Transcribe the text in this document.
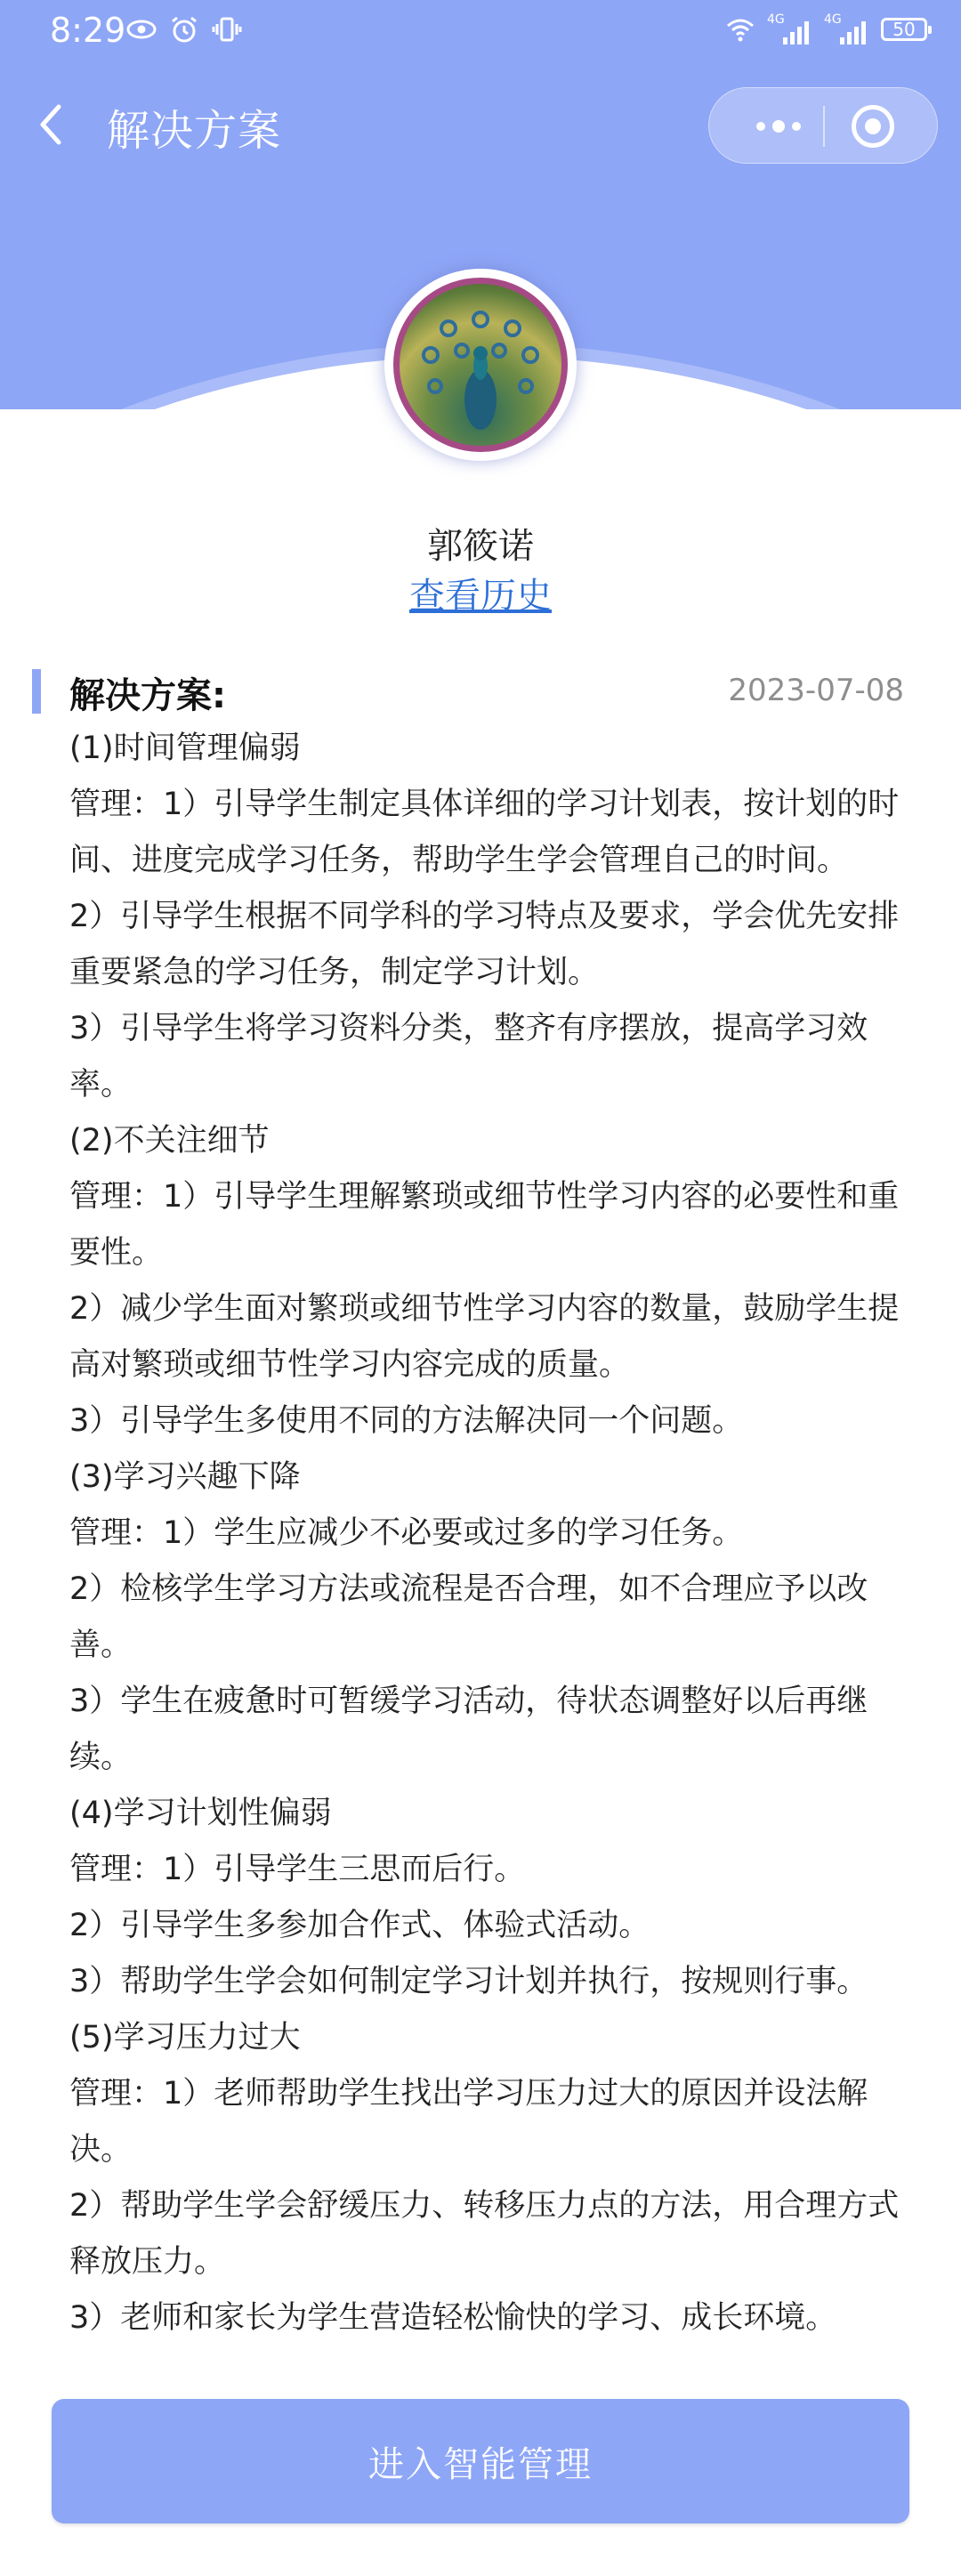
8:29	4G	4G	50
解决方案
郭筱诺
查看历史
解决方案:	2023-07-08

(1)时间管理偏弱

管理：1）引导学生制定具体详细的学习计划表，按计划的时间、进度完成学习任务，帮助学生学会管理自己的时间。

2）引导学生根据不同学科的学习特点及要求，学会优先安排重要紧急的学习任务，制定学习计划。

3）引导学生将学习资料分类，整齐有序摆放，提高学习效率。

(2)不关注细节

管理：1）引导学生理解繁琐或细节性学习内容的必要性和重要性。

2）减少学生面对繁琐或细节性学习内容的数量，鼓励学生提高对繁琐或细节性学习内容完成的质量。

3）引导学生多使用不同的方法解决同一个问题。

(3)学习兴趣下降

管理：1）学生应减少不必要或过多的学习任务。

2）检核学生学习方法或流程是否合理，如不合理应予以改善。

3）学生在疲惫时可暂缓学习活动，待状态调整好以后再继续。

(4)学习计划性偏弱

管理：1）引导学生三思而后行。

2）引导学生多参加合作式、体验式活动。

3）帮助学生学会如何制定学习计划并执行，按规则行事。

(5)学习压力过大

管理：1）老师帮助学生找出学习压力过大的原因并设法解决。

2）帮助学生学会舒缓压力、转移压力点的方法，用合理方式释放压力。

3）老师和家长为学生营造轻松愉快的学习、成长环境。

进入智能管理
